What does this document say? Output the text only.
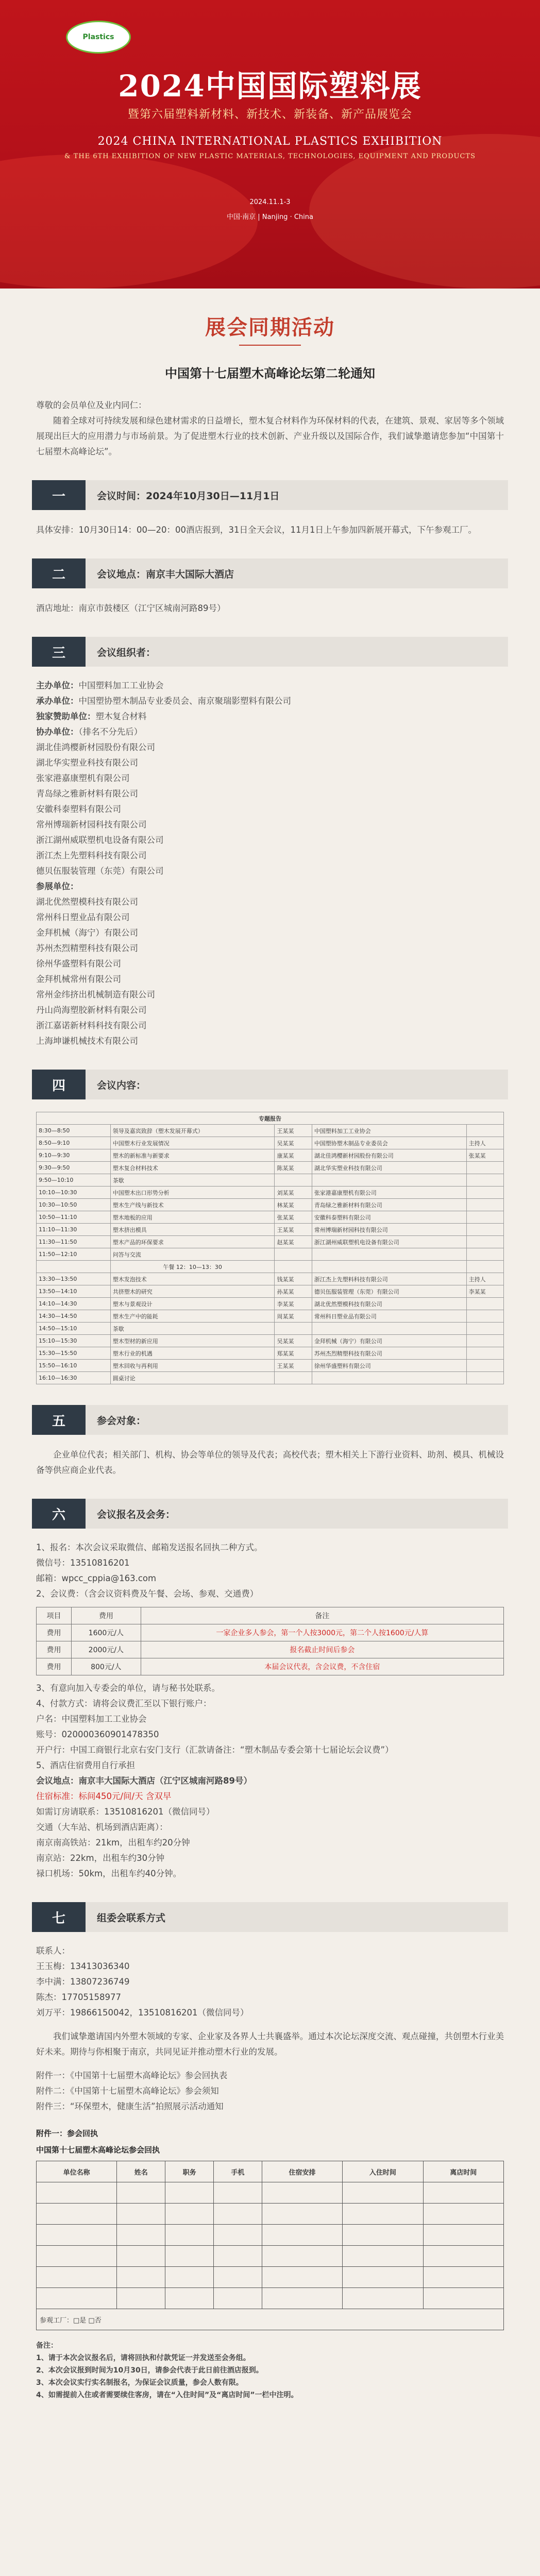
Plastics
2024中国国际塑料展
暨第六届塑料新材料、新技术、新装备、新产品展览会
2024 CHINA INTERNATIONAL PLASTICS EXHIBITION
& THE 6TH EXHIBITION OF NEW PLASTIC MATERIALS, TECHNOLOGIES, EQUIPMENT AND PRODUCTS
2024.11.1-3
中国·南京 | Nanjing · China
展会同期活动
中国第十七届塑木高峰论坛第二轮通知
尊敬的会员单位及业内同仁：
随着全球对可持续发展和绿色建材需求的日益增长，塑木复合材料作为环保材料的代表，在建筑、景观、家居等多个领域展现出巨大的应用潜力与市场前景。为了促进塑木行业的技术创新、产业升级以及国际合作，我们诚挚邀请您参加“中国第十七届塑木高峰论坛”。
一	会议时间：2024年10月30日—11月1日
具体安排：10月30日14：00—20：00酒店报到，31日全天会议，11月1日上午参加四新展开幕式，下午参观工厂。
二	会议地点：南京丰大国际大酒店
酒店地址：南京市鼓楼区（江宁区城南河路89号）
三	会议组织者：
主办单位：中国塑料加工工业协会
承办单位：中国塑协塑木制品专业委员会、南京聚瑞影塑料有限公司
独家赞助单位：塑木复合材料
协办单位：（排名不分先后）
湖北佳鸿樱新材园股份有限公司
湖北华实塑业科技有限公司
张家港嘉康塑机有限公司
青岛绿之雅新材料有限公司
安徽科泰塑料有限公司
常州博瑞新材园科技有限公司
浙江湖州威联塑机电设备有限公司
浙江杰上先塑料科技有限公司
德贝伍服装管理（东莞）有限公司
参展单位：
湖北优然塑模科技有限公司
常州科日塑业品有限公司
金拜机械（海宁）有限公司
苏州杰烈精塑科技有限公司
徐州华盛塑料有限公司
金拜机械常州有限公司
常州金纬挤出机械制造有限公司
丹山尚海塑胶新材料有限公司
浙江嘉诺新材料科技有限公司
上海坤谦机械技术有限公司
四	会议内容：
专题报告				
8:30—8:50	领导及嘉宾致辞（塑木发展开幕式）	王某某	中国塑料加工工业协会	
8:50—9:10	中国塑木行业发展情况	吴某某	中国塑协塑木制品专业委员会	主持人
9:10—9:30	塑木的新标准与新要求	康某某	湖北佳鸿樱新材园股份有限公司	张某某
9:30—9:50	塑木复合材料技术	陈某某	湖北华实塑业科技有限公司	
9:50—10:10	茶歇			
10:10—10:30	中国塑木出口形势分析	刘某某	张家港嘉康塑机有限公司	
10:30—10:50	塑木生产线与新技术	林某某	青岛绿之雅新材料有限公司	
10:50—11:10	塑木地板的应用	张某某	安徽科泰塑料有限公司	
11:10—11:30	塑木挤出模具	王某某	常州博瑞新材园科技有限公司	
11:30—11:50	塑木产品的环保要求	赵某某	浙江湖州威联塑机电设备有限公司	
11:50—12:10	问答与交流			
	午餐 12：10—13：30			
13:30—13:50	塑木发泡技术	钱某某	浙江杰上先塑料科技有限公司	主持人
13:50—14:10	共挤塑木的研究	孙某某	德贝伍服装管理（东莞）有限公司	李某某
14:10—14:30	塑木与景观设计	李某某	湖北优然塑模科技有限公司	
14:30—14:50	塑木生产中的能耗	周某某	常州科日塑业品有限公司	
14:50—15:10	茶歇			
15:10—15:30	塑木型材的新应用	吴某某	金拜机械（海宁）有限公司	
15:30—15:50	塑木行业的机遇	郑某某	苏州杰烈精塑科技有限公司	
15:50—16:10	塑木回收与再利用	王某某	徐州华盛塑料有限公司	
16:10—16:30	圆桌讨论			
五	参会对象：
企业单位代表；相关部门、机构、协会等单位的领导及代表；高校代表；塑木相关上下游行业资料、助剂、模具、机械设备等供应商企业代表。
六	会议报名及会务：
1、报名：本次会议采取微信、邮箱发送报名回执二种方式。
微信号：13510816201
邮箱：wpcc_cppia@163.com
2、会议费：（含会议资料费及午餐、会场、参观、交通费）
项目	费用	备注
费用	1600元/人	一家企业多人参会，第一个人按3000元，第二个人按1600元/人算
费用	2000元/人	报名截止时间后参会
费用	800元/人	本届会议代表，含会议费，不含住宿
3、有意向加入专委会的单位，请与秘书处联系。
4、付款方式：请将会议费汇至以下银行账户：
户名：中国塑料加工工业协会
账号：020000360901478350
开户行：中国工商银行北京右安门支行（汇款请备注：“塑木制品专委会第十七届论坛会议费”）
5、酒店住宿费用自行承担
会议地点：南京丰大国际大酒店（江宁区城南河路89号）
住宿标准：标间450元/间/天 含双早
如需订房请联系：13510816201（微信同号）
交通（大车站、机场到酒店距离）：
南京南高铁站：21km，出租车约20分钟
南京站：22km，出租车约30分钟
禄口机场：50km，出租车约40分钟。
七	组委会联系方式
联系人：
王玉梅：13413036340
李中满：13807236749
陈杰：17705158977
刘万平：19866150042，13510816201（微信同号）
我们诚挚邀请国内外塑木领域的专家、企业家及各界人士共襄盛举。通过本次论坛深度交流、观点碰撞，共创塑木行业美好未来。期待与你相聚于南京，共同见证并推动塑木行业的发展。
附件一：《中国第十七届塑木高峰论坛》参会回执表
附件二：《中国第十七届塑木高峰论坛》参会须知
附件三：“环保塑木，健康生活”拍照展示活动通知
附件一：参会回执
中国第十七届塑木高峰论坛参会回执
单位名称	姓名	职务	手机	住宿安排	入住时间	离店时间

参观工厂：□是 □否						
备注：
1、请于本次会议报名后，请将回执和付款凭证一并发送至会务组。
2、本次会议报到时间为10月30日，请参会代表于此日前往酒店报到。
3、本次会议实行实名制报名，为保证会议质量，参会人数有限。
4、如需提前入住或者需要续住客房，请在“入住时间”及“离店时间”一栏中注明。
